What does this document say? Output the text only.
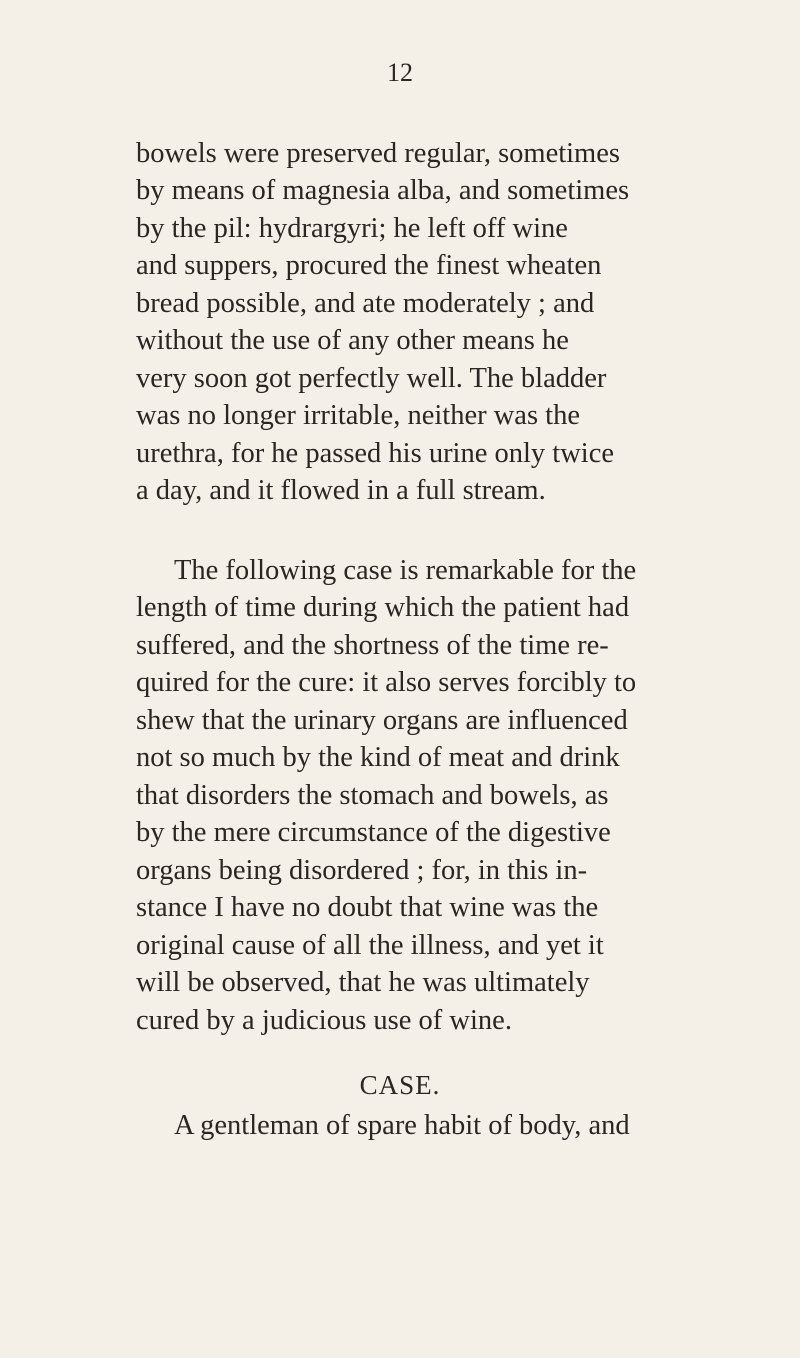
12
bowels were preserved regular, sometimes
by means of magnesia alba, and sometimes
by the pil: hydrargyri; he left off wine
and suppers, procured the finest wheaten
bread possible, and ate moderately ; and
without the use of any other means he
very soon got perfectly well. The bladder
was no longer irritable, neither was the
urethra, for he passed his urine only twice
a day, and it flowed in a full stream.
The following case is remarkable for the
length of time during which the patient had
suffered, and the shortness of the time re-
quired for the cure: it also serves forcibly to
shew that the urinary organs are influenced
not so much by the kind of meat and drink
that disorders the stomach and bowels, as
by the mere circumstance of the digestive
organs being disordered ; for, in this in-
stance I have no doubt that wine was the
original cause of all the illness, and yet it
will be observed, that he was ultimately
cured by a judicious use of wine.
CASE.
A gentleman of spare habit of body, and
